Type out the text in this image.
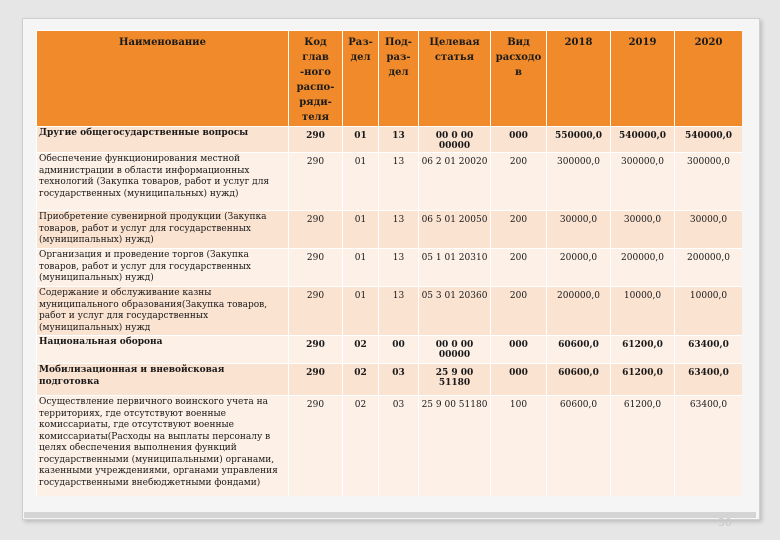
Наименование	Код глав -ного распо-ряди-теля	Раз-дел	Под-раз-дел	Целевая статья	Вид расходо в	2018	2019	2020
Другие общегосударственные вопросы	290	01	13	00 0 00 00000	000	550000,0	540000,0	540000,0
Обеспечение функционирования местной администрации в области информационных технологий (Закупка товаров, работ и услуг для государственных (муниципальных) нужд)	290	01	13	06 2 01 20020	200	300000,0	300000,0	300000,0
Приобретение сувенирной продукции (Закупка товаров, работ и услуг для государственных (муниципальных) нужд)	290	01	13	06 5 01 20050	200	30000,0	30000,0	30000,0
Организация и проведение торгов (Закупка товаров, работ и услуг для государственных (муниципальных) нужд)	290	01	13	05 1 01 20310	200	20000,0	200000,0	200000,0
Содержание и обслуживание казны муниципального образования(Закупка товаров, работ и услуг для государственных (муниципальных) нужд	290	01	13	05 3 01 20360	200	200000,0	10000,0	10000,0
Национальная оборона	290	02	00	00 0 00 00000	000	60600,0	61200,0	63400,0
Мобилизационная и вневойсковая подготовка	290	02	03	25 9 00 51180	000	60600,0	61200,0	63400,0
Осуществление первичного воинского учета на территориях, где отсутствуют военные комиссариаты, где отсутствуют военные комиссариаты(Расходы на выплаты персоналу в целях обеспечения выполнения функций государственными (муниципальными) органами, казенными учреждениями, органами управления государственными внебюджетными фондами)	290	02	03	25 9 00 51180	100	60600,0	61200,0	63400,0
30
